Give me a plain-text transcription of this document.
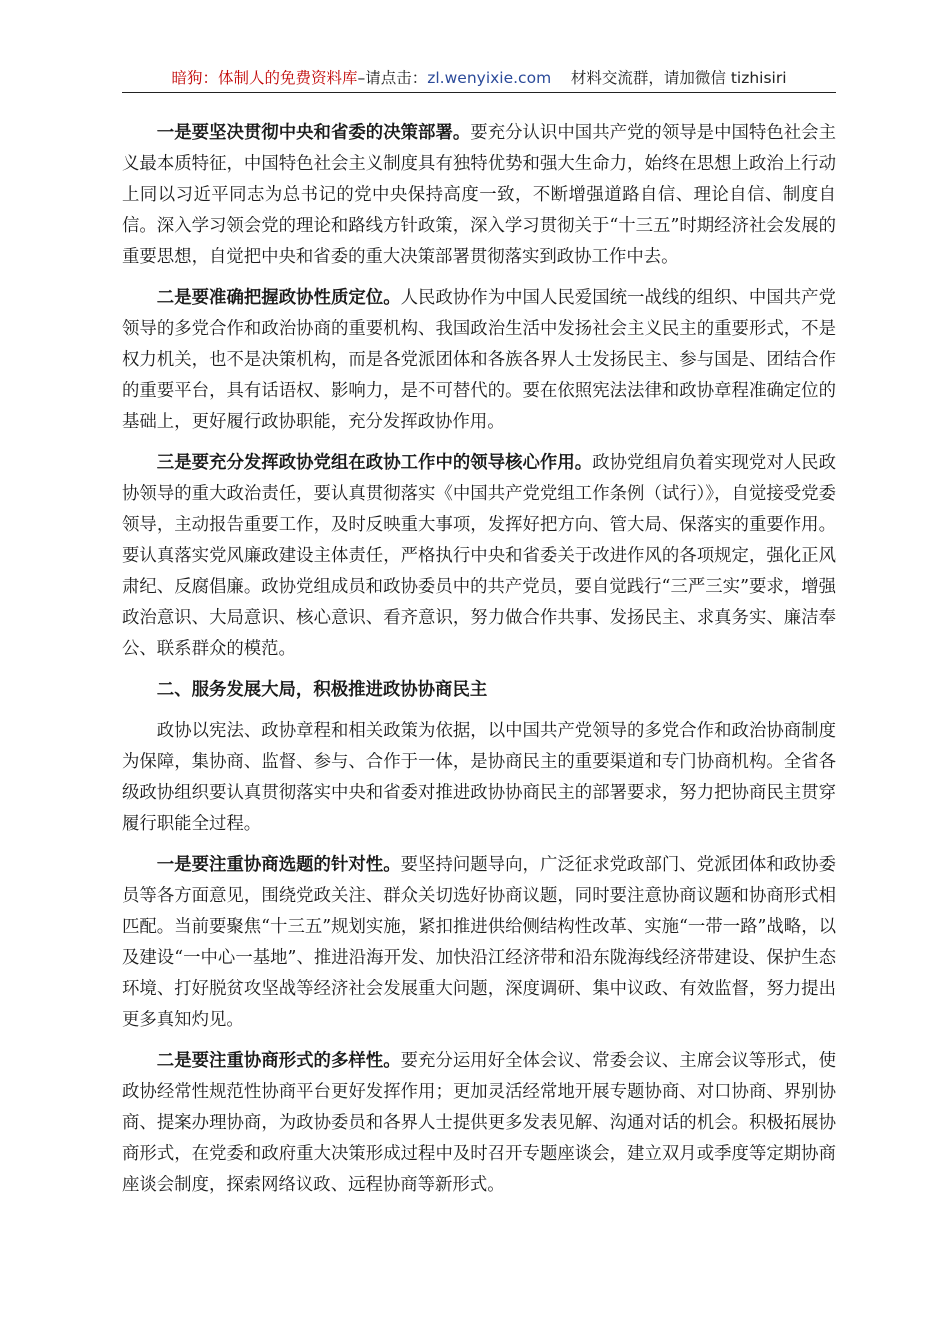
暗狗：体制人的免费资料库–请点击：zl.wenyixie.com 材料交流群，请加微信 tizhisiri

一是要坚决贯彻中央和省委的决策部署。要充分认识中国共产党的领导是中国特色社会主义最本质特征，中国特色社会主义制度具有独特优势和强大生命力，始终在思想上政治上行动上同以习近平同志为总书记的党中央保持高度一致，不断增强道路自信、理论自信、制度自信。深入学习领会党的理论和路线方针政策，深入学习贯彻关于“十三五”时期经济社会发展的重要思想，自觉把中央和省委的重大决策部署贯彻落实到政协工作中去。

二是要准确把握政协性质定位。人民政协作为中国人民爱国统一战线的组织、中国共产党领导的多党合作和政治协商的重要机构、我国政治生活中发扬社会主义民主的重要形式，不是权力机关，也不是决策机构，而是各党派团体和各族各界人士发扬民主、参与国是、团结合作的重要平台，具有话语权、影响力，是不可替代的。要在依照宪法法律和政协章程准确定位的基础上，更好履行政协职能，充分发挥政协作用。

三是要充分发挥政协党组在政协工作中的领导核心作用。政协党组肩负着实现党对人民政协领导的重大政治责任，要认真贯彻落实《中国共产党党组工作条例（试行）》，自觉接受党委领导，主动报告重要工作，及时反映重大事项，发挥好把方向、管大局、保落实的重要作用。要认真落实党风廉政建设主体责任，严格执行中央和省委关于改进作风的各项规定，强化正风肃纪、反腐倡廉。政协党组成员和政协委员中的共产党员，要自觉践行“三严三实”要求，增强政治意识、大局意识、核心意识、看齐意识，努力做合作共事、发扬民主、求真务实、廉洁奉公、联系群众的模范。

二、服务发展大局，积极推进政协协商民主

政协以宪法、政协章程和相关政策为依据，以中国共产党领导的多党合作和政治协商制度为保障，集协商、监督、参与、合作于一体，是协商民主的重要渠道和专门协商机构。全省各级政协组织要认真贯彻落实中央和省委对推进政协协商民主的部署要求，努力把协商民主贯穿履行职能全过程。

一是要注重协商选题的针对性。要坚持问题导向，广泛征求党政部门、党派团体和政协委员等各方面意见，围绕党政关注、群众关切选好协商议题，同时要注意协商议题和协商形式相匹配。当前要聚焦“十三五”规划实施，紧扣推进供给侧结构性改革、实施“一带一路”战略，以及建设“一中心一基地”、推进沿海开发、加快沿江经济带和沿东陇海线经济带建设、保护生态环境、打好脱贫攻坚战等经济社会发展重大问题，深度调研、集中议政、有效监督，努力提出更多真知灼见。

二是要注重协商形式的多样性。要充分运用好全体会议、常委会议、主席会议等形式，使政协经常性规范性协商平台更好发挥作用；更加灵活经常地开展专题协商、对口协商、界别协商、提案办理协商，为政协委员和各界人士提供更多发表见解、沟通对话的机会。积极拓展协商形式，在党委和政府重大决策形成过程中及时召开专题座谈会，建立双月或季度等定期协商座谈会制度，探索网络议政、远程协商等新形式。
